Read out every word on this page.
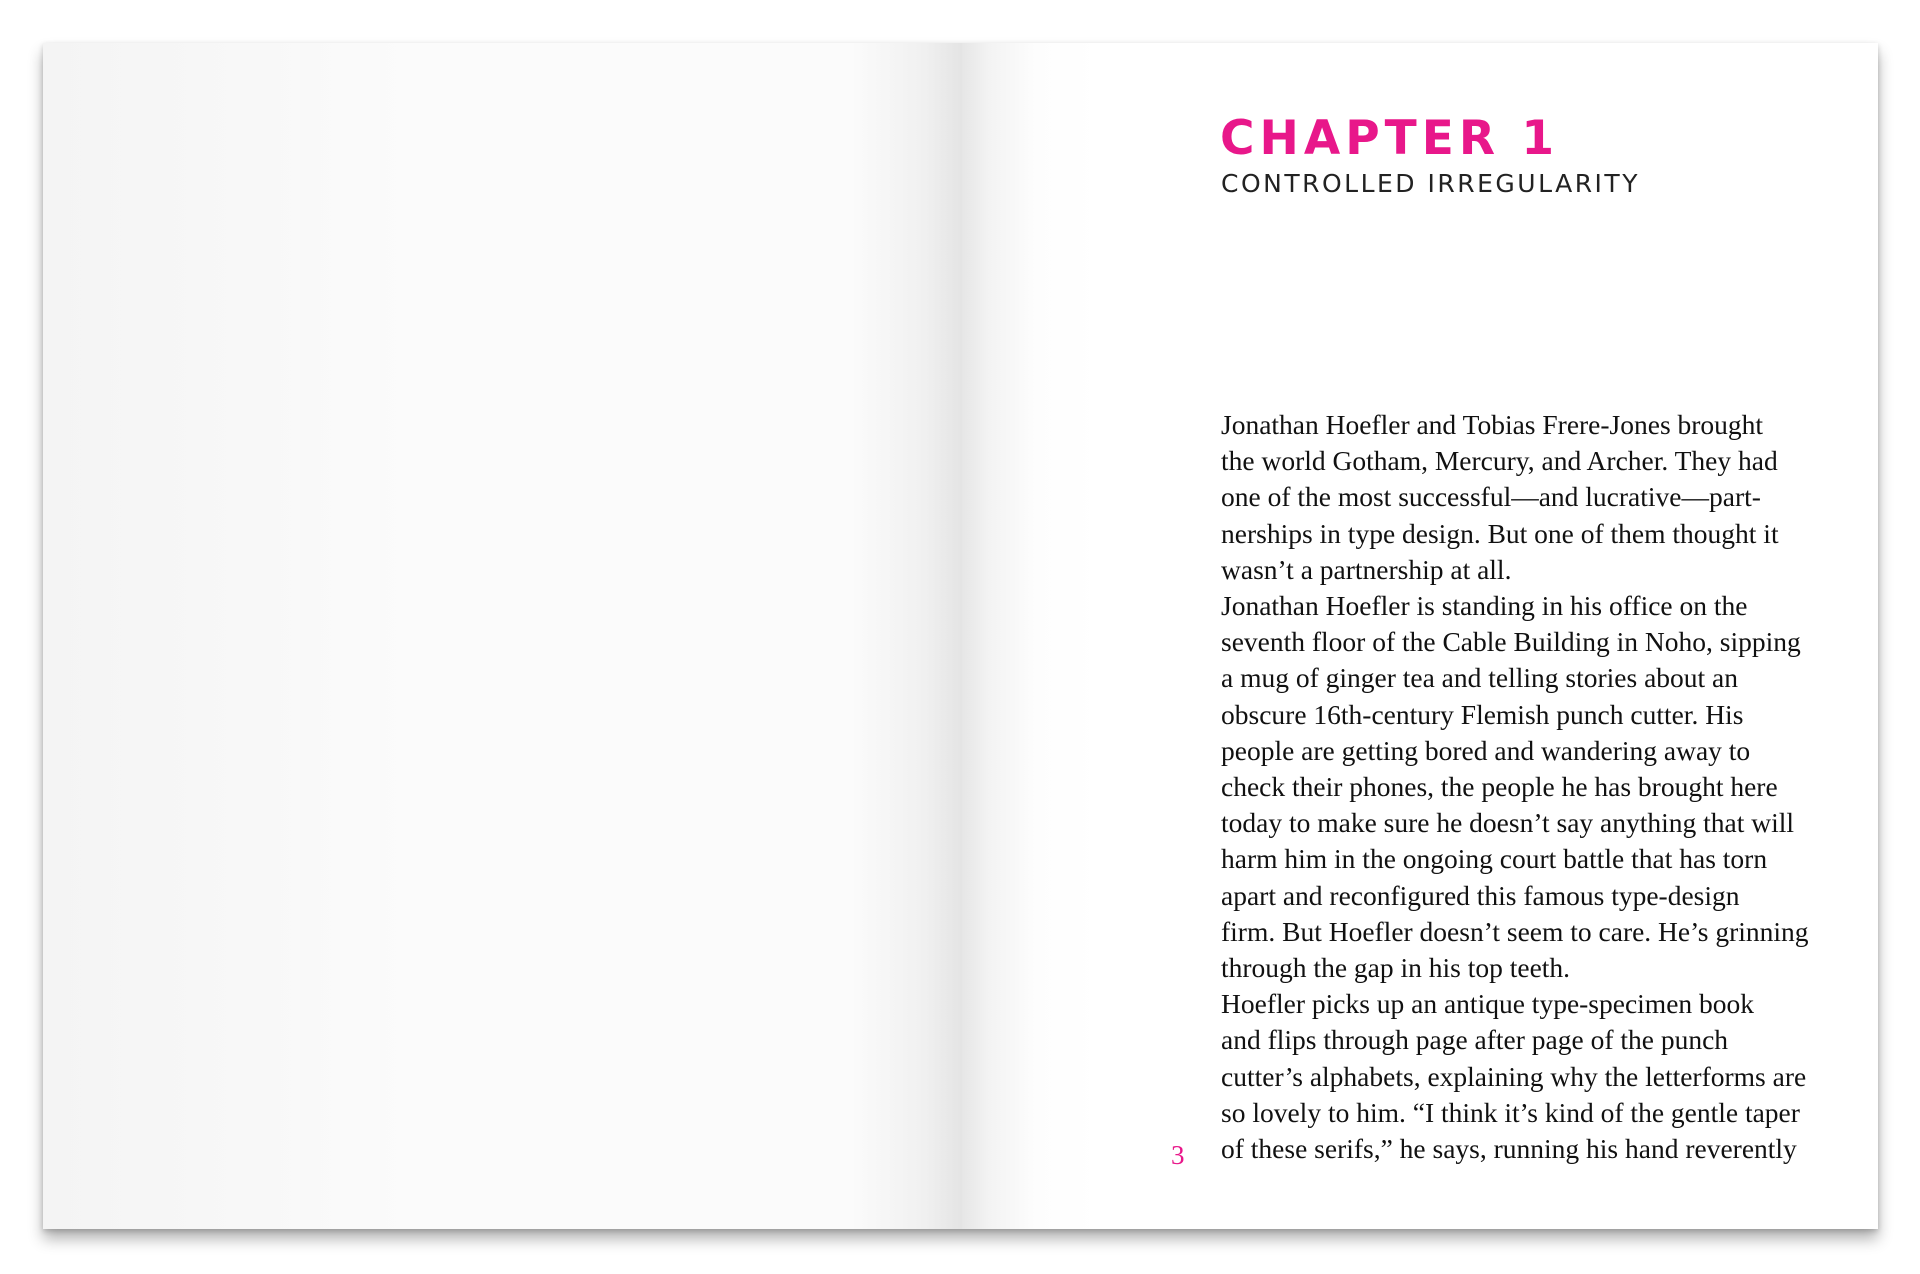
CHAPTER 1
CONTROLLED IRREGULARITY
Jonathan Hoefler and Tobias Frere-Jones brought
the world Gotham, Mercury, and Archer. They had
one of the most successful—and lucrative—part-
nerships in type design. But one of them thought it
wasn’t a partnership at all.
Jonathan Hoefler is standing in his office on the
seventh floor of the Cable Building in Noho, sipping
a mug of ginger tea and telling stories about an
obscure 16th-century Flemish punch cutter. His
people are getting bored and wandering away to
check their phones, the people he has brought here
today to make sure he doesn’t say anything that will
harm him in the ongoing court battle that has torn
apart and reconfigured this famous type-design
firm. But Hoefler doesn’t seem to care. He’s grinning
through the gap in his top teeth.
Hoefler picks up an antique type-specimen book
and flips through page after page of the punch
cutter’s alphabets, explaining why the letterforms are
so lovely to him. “I think it’s kind of the gentle taper
of these serifs,” he says, running his hand reverently
3
